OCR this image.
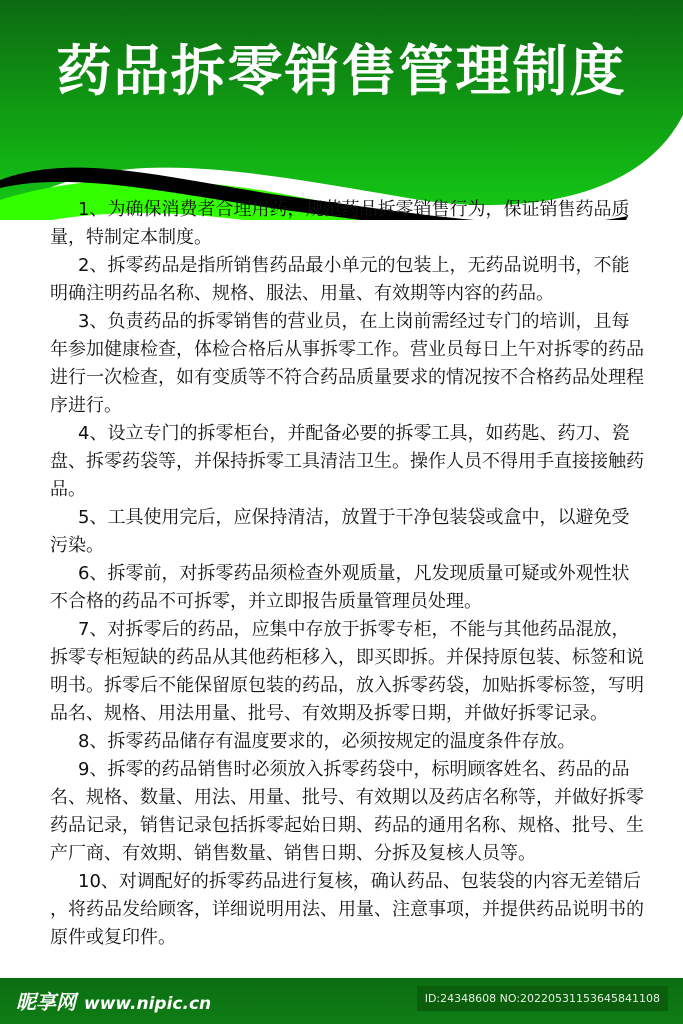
药品拆零销售管理制度

1、为确保消费者合理用药，规范药品拆零销售行为，保证销售药品质量，特制定本制度。

2、拆零药品是指所销售药品最小单元的包装上，无药品说明书，不能明确注明药品名称、规格、服法、用量、有效期等内容的药品。

3、负责药品的拆零销售的营业员，在上岗前需经过专门的培训，且每年参加健康检查，体检合格后从事拆零工作。营业员每日上午对拆零的药品进行一次检查，如有变质等不符合药品质量要求的情况按不合格药品处理程序进行。

4、设立专门的拆零柜台，并配备必要的拆零工具，如药匙、药刀、瓷盘、拆零药袋等，并保持拆零工具清洁卫生。操作人员不得用手直接接触药品。

5、工具使用完后，应保持清洁，放置于干净包装袋或盒中，以避免受污染。

6、拆零前，对拆零药品须检查外观质量，凡发现质量可疑或外观性状不合格的药品不可拆零，并立即报告质量管理员处理。

7、对拆零后的药品，应集中存放于拆零专柜，不能与其他药品混放，拆零专柜短缺的药品从其他药柜移入，即买即拆。并保持原包装、标签和说明书。拆零后不能保留原包装的药品，放入拆零药袋，加贴拆零标签，写明品名、规格、用法用量、批号、有效期及拆零日期，并做好拆零记录。

8、拆零药品储存有温度要求的，必须按规定的温度条件存放。

9、拆零的药品销售时必须放入拆零药袋中，标明顾客姓名、药品的品名、规格、数量、用法、用量、批号、有效期以及药店名称等，并做好拆零药品记录，销售记录包括拆零起始日期、药品的通用名称、规格、批号、生产厂商、有效期、销售数量、销售日期、分拆及复核人员等。

10、对调配好的拆零药品进行复核，确认药品、包装袋的内容无差错后，将药品发给顾客，详细说明用法、用量、注意事项，并提供药品说明书的原件或复印件。

昵享网 www.nipic.cn	ID:24348608 NO:20220531153645841108
